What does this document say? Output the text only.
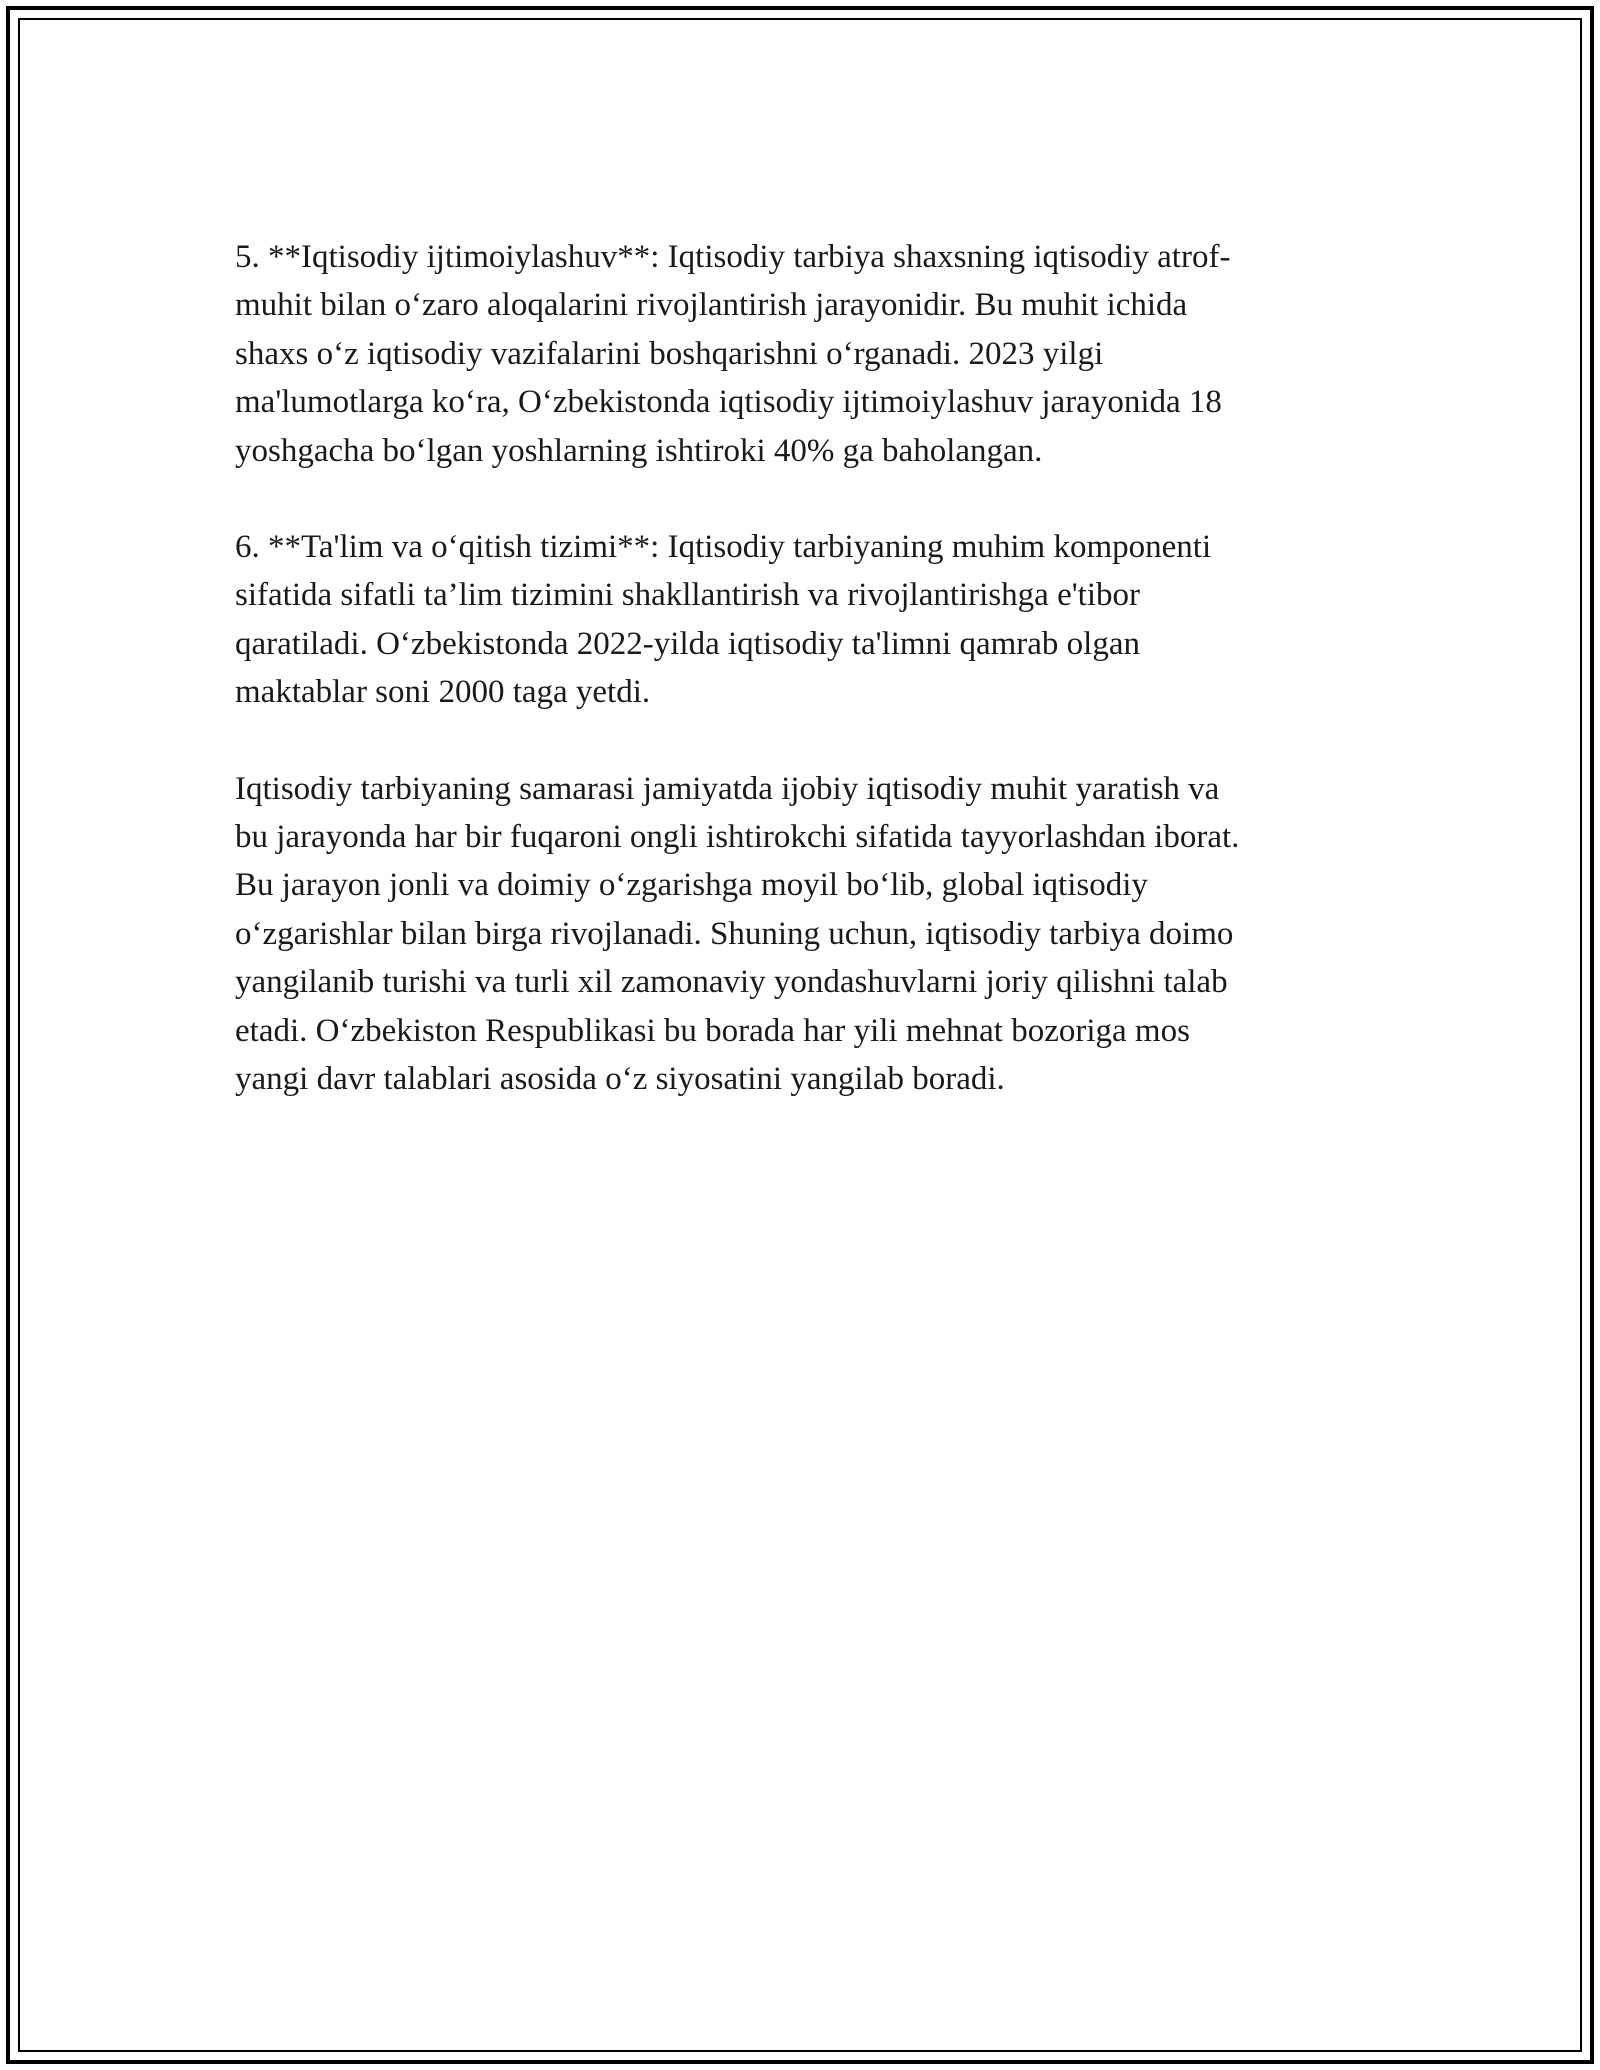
5. **Iqtisodiy ijtimoiylashuv**: Iqtisodiy tarbiya shaxsning iqtisodiy atrof-
muhit bilan o‘zaro aloqalarini rivojlantirish jarayonidir. Bu muhit ichida
shaxs o‘z iqtisodiy vazifalarini boshqarishni o‘rganadi. 2023 yilgi
ma'lumotlarga ko‘ra, O‘zbekistonda iqtisodiy ijtimoiylashuv jarayonida 18
yoshgacha bo‘lgan yoshlarning ishtiroki 40% ga baholangan.

6. **Ta'lim va o‘qitish tizimi**: Iqtisodiy tarbiyaning muhim komponenti
sifatida sifatli ta’lim tizimini shakllantirish va rivojlantirishga e'tibor
qaratiladi. O‘zbekistonda 2022-yilda iqtisodiy ta'limni qamrab olgan
maktablar soni 2000 taga yetdi.

Iqtisodiy tarbiyaning samarasi jamiyatda ijobiy iqtisodiy muhit yaratish va
bu jarayonda har bir fuqaroni ongli ishtirokchi sifatida tayyorlashdan iborat.
Bu jarayon jonli va doimiy o‘zgarishga moyil bo‘lib, global iqtisodiy
o‘zgarishlar bilan birga rivojlanadi. Shuning uchun, iqtisodiy tarbiya doimo
yangilanib turishi va turli xil zamonaviy yondashuvlarni joriy qilishni talab
etadi. O‘zbekiston Respublikasi bu borada har yili mehnat bozoriga mos
yangi davr talablari asosida o‘z siyosatini yangilab boradi.
